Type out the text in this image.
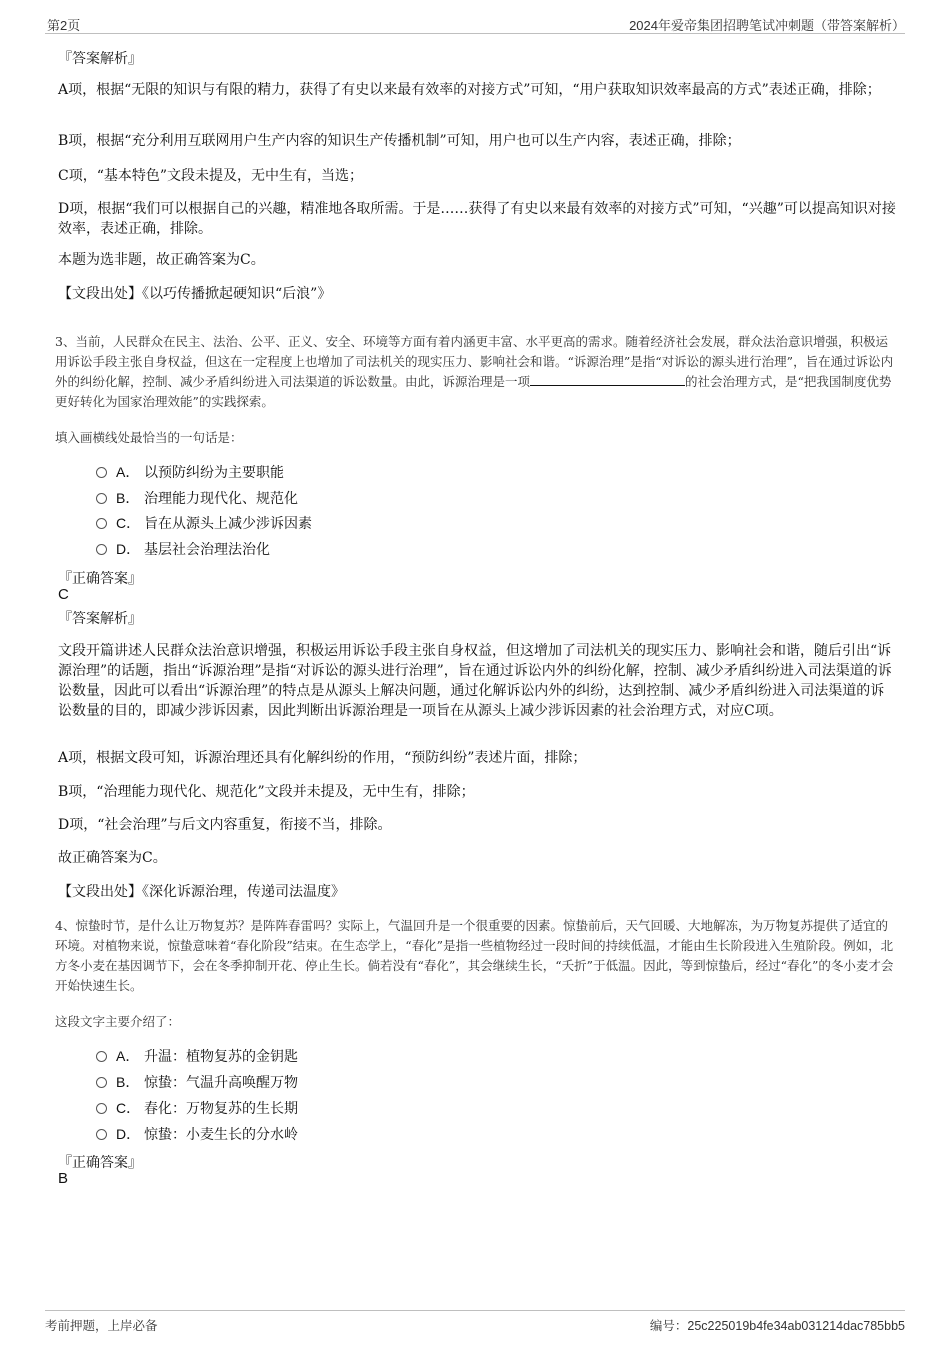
第2页	2024年爱帝集团招聘笔试冲刺题（带答案解析）
『答案解析』
A项，根据“无限的知识与有限的精力，获得了有史以来最有效率的对接方式”可知，“用户获取知识效率最高的方式”表述正确，排除；
B项，根据“充分利用互联网用户生产内容的知识生产传播机制”可知，用户也可以生产内容，表述正确，排除；
C项，“基本特色”文段未提及，无中生有，当选；
D项，根据“我们可以根据自己的兴趣，精准地各取所需。于是……获得了有史以来最有效率的对接方式”可知，“兴趣”可以提高知识对接效率，表述正确，排除。
本题为选非题，故正确答案为C。
【文段出处】《以巧传播掀起硬知识“后浪”》
3、当前，人民群众在民主、法治、公平、正义、安全、环境等方面有着内涵更丰富、水平更高的需求。随着经济社会发展，群众法治意识增强，积极运用诉讼手段主张自身权益，但这在一定程度上也增加了司法机关的现实压力、影响社会和谐。“诉源治理”是指“对诉讼的源头进行治理”，旨在通过诉讼内外的纠纷化解，控制、减少矛盾纠纷进入司法渠道的诉讼数量。由此，诉源治理是一项	的社会治理方式，是“把我国制度优势更好转化为国家治理效能”的实践探索。
填入画横线处最恰当的一句话是：
A． 以预防纠纷为主要职能
B． 治理能力现代化、规范化
C． 旨在从源头上减少涉诉因素
D． 基层社会治理法治化
『正确答案』
C
『答案解析』
文段开篇讲述人民群众法治意识增强，积极运用诉讼手段主张自身权益，但这增加了司法机关的现实压力、影响社会和谐，随后引出“诉源治理”的话题，指出“诉源治理”是指“对诉讼的源头进行治理”，旨在通过诉讼内外的纠纷化解，控制、减少矛盾纠纷进入司法渠道的诉讼数量，因此可以看出“诉源治理”的特点是从源头上解决问题，通过化解诉讼内外的纠纷，达到控制、减少矛盾纠纷进入司法渠道的诉讼数量的目的，即减少涉诉因素，因此判断出诉源治理是一项旨在从源头上减少涉诉因素的社会治理方式，对应C项。
A项，根据文段可知，诉源治理还具有化解纠纷的作用，“预防纠纷”表述片面，排除；
B项，“治理能力现代化、规范化”文段并未提及，无中生有，排除；
D项，“社会治理”与后文内容重复，衔接不当，排除。
故正确答案为C。
【文段出处】《深化诉源治理，传递司法温度》
4、惊蛰时节，是什么让万物复苏？是阵阵春雷吗？实际上，气温回升是一个很重要的因素。惊蛰前后，天气回暖、大地解冻，为万物复苏提供了适宜的环境。对植物来说，惊蛰意味着“春化阶段”结束。在生态学上，“春化”是指一些植物经过一段时间的持续低温，才能由生长阶段进入生殖阶段。例如，北方冬小麦在基因调节下，会在冬季抑制开花、停止生长。倘若没有“春化”，其会继续生长，“夭折”于低温。因此，等到惊蛰后，经过“春化”的冬小麦才会开始快速生长。
这段文字主要介绍了：
A． 升温：植物复苏的金钥匙
B． 惊蛰：气温升高唤醒万物
C． 春化：万物复苏的生长期
D． 惊蛰：小麦生长的分水岭
『正确答案』
B
考前押题，上岸必备	编号：25c225019b4fe34ab031214dac785bb5
